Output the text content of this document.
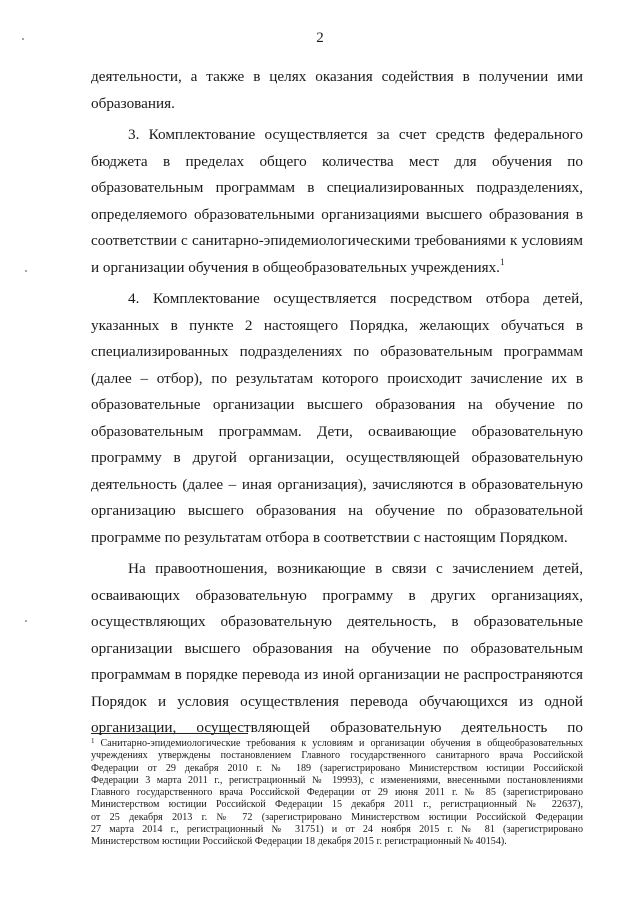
2
деятельности, а также в целях оказания содействия в получении ими
образования.
3. Комплектование осуществляется за счет средств федерального
бюджета в пределах общего количества мест для обучения по
образовательным программам в специализированных подразделениях,
определяемого образовательными организациями высшего образования в
соответствии с санитарно-эпидемиологическими требованиями к условиям
и организации обучения в общеобразовательных учреждениях.$^1$
4. Комплектование осуществляется посредством отбора детей,
указанных в пункте 2 настоящего Порядка, желающих обучаться в
специализированных подразделениях по образовательным программам
(далее – отбор), по результатам которого происходит зачисление их в
образовательные организации высшего образования на обучение по
образовательным программам. Дети, осваивающие образовательную
программу в другой организации, осуществляющей образовательную
деятельность (далее – иная организация), зачисляются в образовательную
организацию высшего образования на обучение по образовательной
программе по результатам отбора в соответствии с настоящим Порядком.
На правоотношения, возникающие в связи с зачислением детей,
осваивающих образовательную программу в других организациях,
осуществляющих образовательную деятельность, в образовательные
организации высшего образования на обучение по образовательным
программам в порядке перевода из иной организации не распространяются
Порядок и условия осуществления перевода обучающихся из одной
организации, осуществляющей образовательную деятельность по
$^1$ Санитарно-эпидемиологические требования к условиям и организации обучения в общеобразовательных
учреждениях утверждены постановлением Главного государственного санитарного врача Российской
Федерации от 29 декабря 2010 г. № 189 (зарегистрировано Министерством юстиции Российской
Федерации 3 марта 2011 г., регистрационный № 19993), с изменениями, внесенными постановлениями
Главного государственного врача Российской Федерации от 29 июня 2011 г. № 85 (зарегистрировано
Министерством юстиции Российской Федерации 15 декабря 2011 г., регистрационный № 22637),
от 25 декабря 2013 г. № 72 (зарегистрировано Министерством юстиции Российской Федерации
27 марта 2014 г., регистрационный № 31751) и от 24 ноября 2015 г. № 81 (зарегистрировано
Министерством юстиции Российской Федерации 18 декабря 2015 г. регистрационный № 40154).
